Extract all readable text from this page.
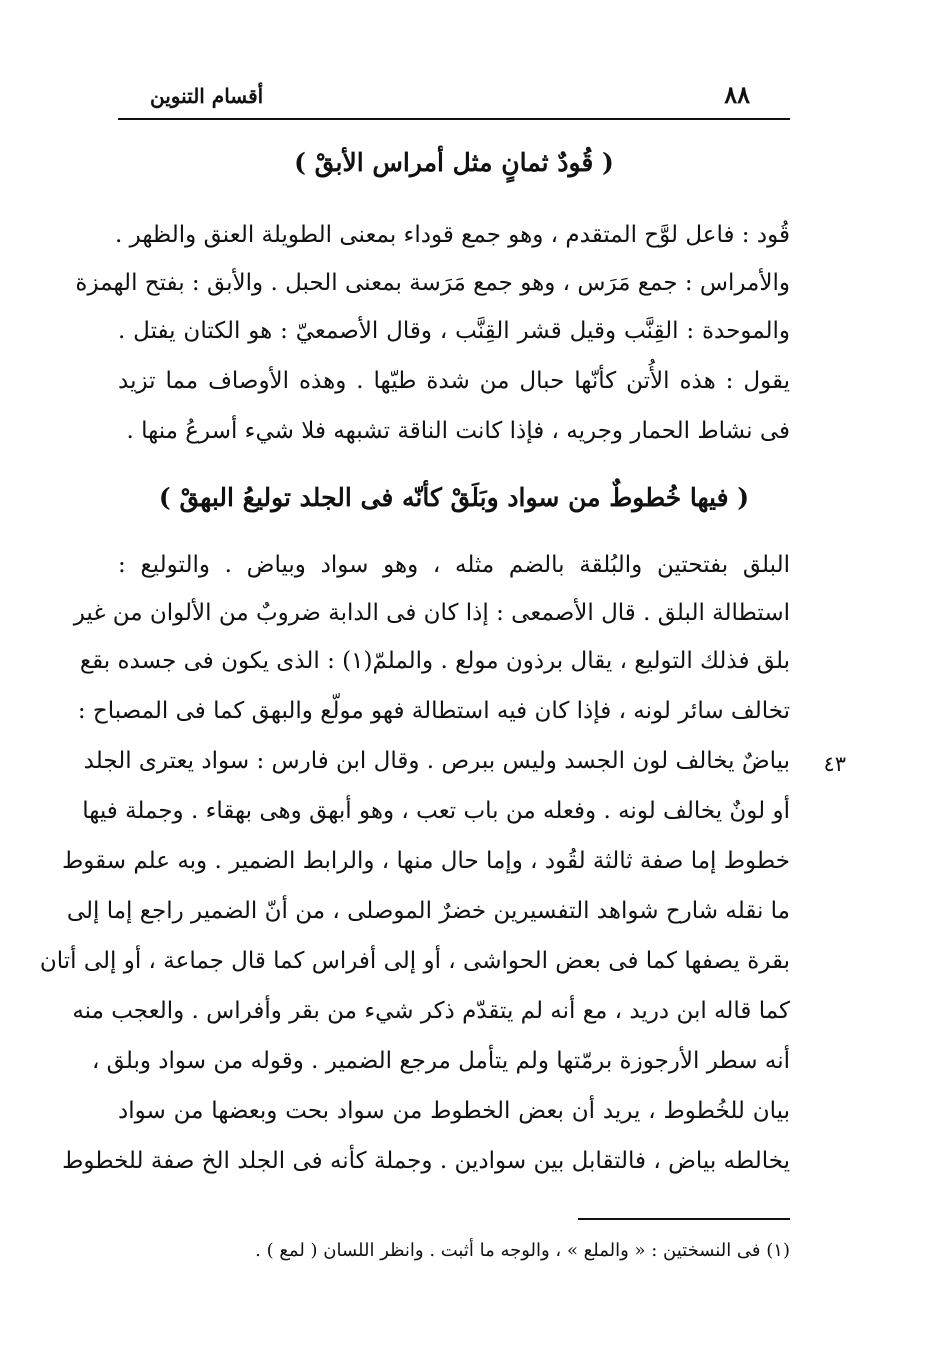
٨٨
أقسام التنوين
( قُودٌ ثمانٍ مثل أمراس الأبقْ )
قُود : فاعل لوَّح المتقدم ، وهو جمع قوداء بمعنى الطويلة العنق والظهر .
والأمراس : جمع مَرَس ، وهو جمع مَرَسة بمعنى الحبل . والأبق : بفتح الهمزة
والموحدة : القِنَّب وقيل قشر القِنَّب ، وقال الأصمعيّ : هو الكتان يفتل .
يقول : هذه الأُتن كأنّها حبال من شدة طيّها . وهذه الأوصاف مما تزيد
فى نشاط الحمار وجريه ، فإذا كانت الناقة تشبهه فلا شيء أسرعُ منها .
( فيها خُطوطٌ من سواد وبَلَقْ كأنّه فى الجلد توليعُ البهقْ )
البلق بفتحتين والبُلقة بالضم مثله ، وهو سواد وبياض . والتوليع :
استطالة البلق . قال الأصمعى : إذا كان فى الدابة ضروبٌ من الألوان من غير
بلق فذلك التوليع ، يقال برذون مولع . والملمّ(١) : الذى يكون فى جسده بقع
تخالف سائر لونه ، فإذا كان فيه استطالة فهو مولّع والبهق كما فى المصباح :
بياضٌ يخالف لون الجسد وليس ببرص . وقال ابن فارس : سواد يعترى الجلد
أو لونٌ يخالف لونه . وفعله من باب تعب ، وهو أبهق وهى بهقاء . وجملة فيها
خطوط إما صفة ثالثة لقُود ، وإما حال منها ، والرابط الضمير . وبه علم سقوط
ما نقله شارح شواهد التفسيرين خضرٌ الموصلى ، من أنّ الضمير راجع إما إلى
بقرة يصفها كما فى بعض الحواشى ، أو إلى أفراس كما قال جماعة ، أو إلى أتان
كما قاله ابن دريد ، مع أنه لم يتقدّم ذكر شيء من بقر وأفراس . والعجب منه
أنه سطر الأرجوزة برمّتها ولم يتأمل مرجع الضمير . وقوله من سواد وبلق ،
بيان للخُطوط ، يريد أن بعض الخطوط من سواد بحت وبعضها من سواد
يخالطه بياض ، فالتقابل بين سوادين . وجملة كأنه فى الجلد الخ صفة للخطوط
٤٣
(١) فى النسختين : « والملع » ، والوجه ما أثبت . وانظر اللسان ( لمع ) .
